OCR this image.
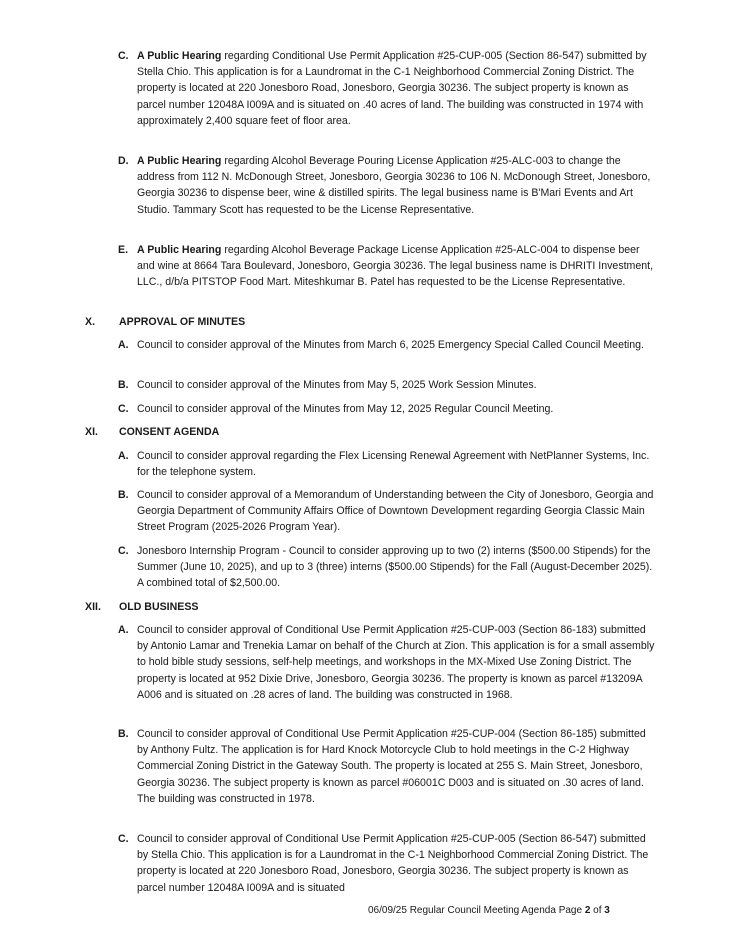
C. A Public Hearing regarding Conditional Use Permit Application #25-CUP-005 (Section 86-547) submitted by Stella Chio. This application is for a Laundromat in the C-1 Neighborhood Commercial Zoning District. The property is located at 220 Jonesboro Road, Jonesboro, Georgia 30236. The subject property is known as parcel number 12048A I009A and is situated on .40 acres of land. The building was constructed in 1974 with approximately 2,400 square feet of floor area.
D. A Public Hearing regarding Alcohol Beverage Pouring License Application #25-ALC-003 to change the address from 112 N. McDonough Street, Jonesboro, Georgia 30236 to 106 N. McDonough Street, Jonesboro, Georgia 30236 to dispense beer, wine & distilled spirits. The legal business name is B'Mari Events and Art Studio. Tammary Scott has requested to be the License Representative.
E. A Public Hearing regarding Alcohol Beverage Package License Application #25-ALC-004 to dispense beer and wine at 8664 Tara Boulevard, Jonesboro, Georgia 30236. The legal business name is DHRITI Investment, LLC., d/b/a PITSTOP Food Mart. Miteshkumar B. Patel has requested to be the License Representative.
X. APPROVAL OF MINUTES
A. Council to consider approval of the Minutes from March 6, 2025 Emergency Special Called Council Meeting.
B. Council to consider approval of the Minutes from May 5, 2025 Work Session Minutes.
C. Council to consider approval of the Minutes from May 12, 2025 Regular Council Meeting.
XI. CONSENT AGENDA
A. Council to consider approval regarding the Flex Licensing Renewal Agreement with NetPlanner Systems, Inc. for the telephone system.
B. Council to consider approval of a Memorandum of Understanding between the City of Jonesboro, Georgia and Georgia Department of Community Affairs Office of Downtown Development regarding Georgia Classic Main Street Program (2025-2026 Program Year).
C. Jonesboro Internship Program - Council to consider approving up to two (2) interns ($500.00 Stipends) for the Summer (June 10, 2025), and up to 3 (three) interns ($500.00 Stipends) for the Fall (August-December 2025). A combined total of $2,500.00.
XII. OLD BUSINESS
A. Council to consider approval of Conditional Use Permit Application #25-CUP-003 (Section 86-183) submitted by Antonio Lamar and Trenekia Lamar on behalf of the Church at Zion. This application is for a small assembly to hold bible study sessions, self-help meetings, and workshops in the MX-Mixed Use Zoning District. The property is located at 952 Dixie Drive, Jonesboro, Georgia 30236. The property is known as parcel #13209A A006 and is situated on .28 acres of land. The building was constructed in 1968.
B. Council to consider approval of Conditional Use Permit Application #25-CUP-004 (Section 86-185) submitted by Anthony Fultz. The application is for Hard Knock Motorcycle Club to hold meetings in the C-2 Highway Commercial Zoning District in the Gateway South. The property is located at 255 S. Main Street, Jonesboro, Georgia 30236. The subject property is known as parcel #06001C D003 and is situated on .30 acres of land. The building was constructed in 1978.
C. Council to consider approval of Conditional Use Permit Application #25-CUP-005 (Section 86-547) submitted by Stella Chio. This application is for a Laundromat in the C-1 Neighborhood Commercial Zoning District. The property is located at 220 Jonesboro Road, Jonesboro, Georgia 30236. The subject property is known as parcel number 12048A I009A and is situated
06/09/25 Regular Council Meeting Agenda Page 2 of 3
